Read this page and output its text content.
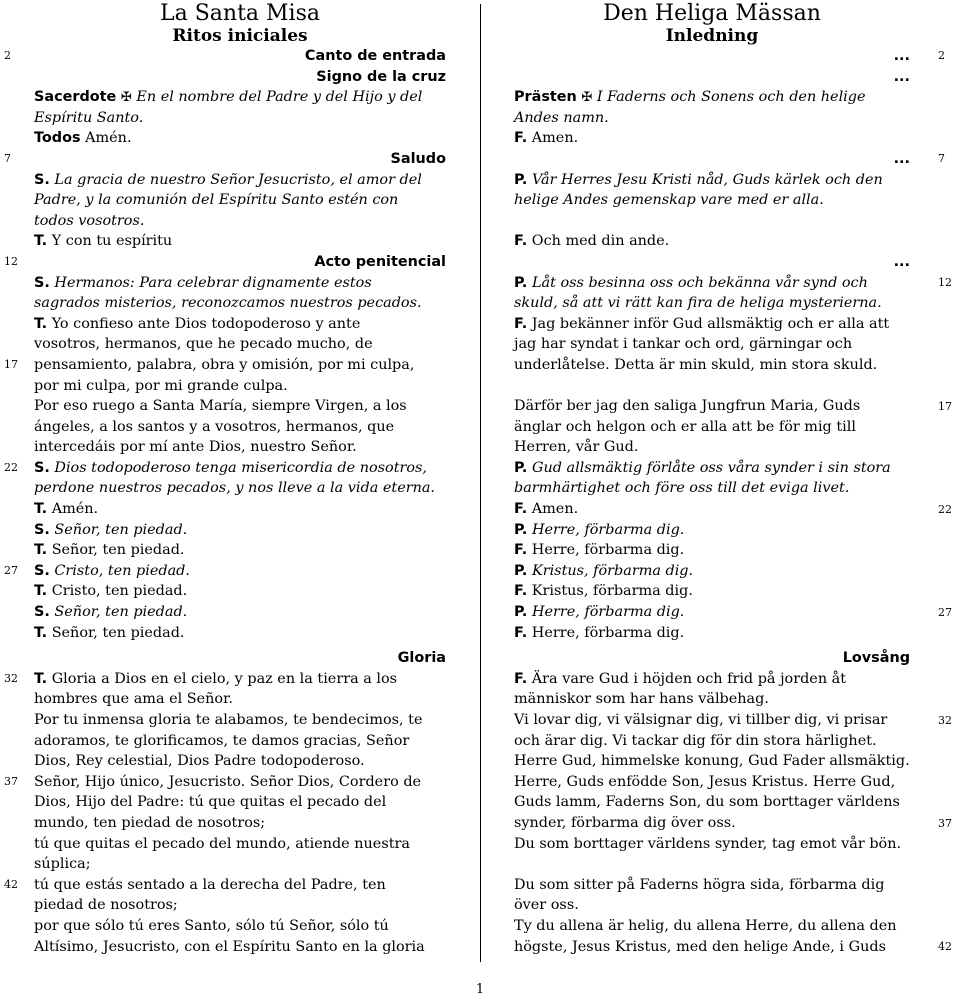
La Santa Misa
Ritos iniciales
Canto de entrada
Signo de la cruz
Sacerdote ✠ En el nombre del Padre y del Hijo y del
Espíritu Santo.
Todos Amén.
Saludo
S. La gracia de nuestro Señor Jesucristo, el amor del
Padre, y la comunión del Espíritu Santo estén con
todos vosotros.
T. Y con tu espíritu
Acto penitencial
S. Hermanos: Para celebrar dignamente estos
sagrados misterios, reconozcamos nuestros pecados.
T. Yo confieso ante Dios todopoderoso y ante
vosotros, hermanos, que he pecado mucho, de
pensamiento, palabra, obra y omisión, por mi culpa,
por mi culpa, por mi grande culpa.
Por eso ruego a Santa María, siempre Virgen, a los
ángeles, a los santos y a vosotros, hermanos, que
intercedáis por mí ante Dios, nuestro Señor.
S. Dios todopoderoso tenga misericordia de nosotros,
perdone nuestros pecados, y nos lleve a la vida eterna.
T. Amén.
S. Señor, ten piedad.
T. Señor, ten piedad.
S. Cristo, ten piedad.
T. Cristo, ten piedad.
S. Señor, ten piedad.
T. Señor, ten piedad.
Gloria
T. Gloria a Dios en el cielo, y paz en la tierra a los
hombres que ama el Señor.
Por tu inmensa gloria te alabamos, te bendecimos, te
adoramos, te glorificamos, te damos gracias, Señor
Dios, Rey celestial, Dios Padre todopoderoso.
Señor, Hijo único, Jesucristo. Señor Dios, Cordero de
Dios, Hijo del Padre: tú que quitas el pecado del
mundo, ten piedad de nosotros;
tú que quitas el pecado del mundo, atiende nuestra
súplica;
tú que estás sentado a la derecha del Padre, ten
piedad de nosotros;
por que sólo tú eres Santo, sólo tú Señor, sólo tú
Altísimo, Jesucristo, con el Espíritu Santo en la gloria
Den Heliga Mässan
Inledning
...
...
Prästen ✠ I Faderns och Sonens och den helige
Andes namn.
F. Amen.
...
P. Vår Herres Jesu Kristi nåd, Guds kärlek och den
helige Andes gemenskap vare med er alla.
F. Och med din ande.
...
P. Låt oss besinna oss och bekänna vår synd och
skuld, så att vi rätt kan fira de heliga mysterierna.
F. Jag bekänner inför Gud allsmäktig och er alla att
jag har syndat i tankar och ord, gärningar och
underlåtelse. Detta är min skuld, min stora skuld.
Därför ber jag den saliga Jungfrun Maria, Guds
änglar och helgon och er alla att be för mig till
Herren, vår Gud.
P. Gud allsmäktig förlåte oss våra synder i sin stora
barmhärtighet och före oss till det eviga livet.
F. Amen.
P. Herre, förbarma dig.
F. Herre, förbarma dig.
P. Kristus, förbarma dig.
F. Kristus, förbarma dig.
P. Herre, förbarma dig.
F. Herre, förbarma dig.
Lovsång
F. Ära vare Gud i höjden och frid på jorden åt
människor som har hans välbehag.
Vi lovar dig, vi välsignar dig, vi tillber dig, vi prisar
och ärar dig. Vi tackar dig för din stora härlighet.
Herre Gud, himmelske konung, Gud Fader allsmäktig.
Herre, Guds enfödde Son, Jesus Kristus. Herre Gud,
Guds lamm, Faderns Son, du som borttager världens
synder, förbarma dig över oss.
Du som borttager världens synder, tag emot vår bön.
Du som sitter på Faderns högra sida, förbarma dig
över oss.
Ty du allena är helig, du allena Herre, du allena den
högste, Jesus Kristus, med den helige Ande, i Guds
2
7
12
17
22
27
32
37
42
2
7
12
17
22
27
32
37
42
1
